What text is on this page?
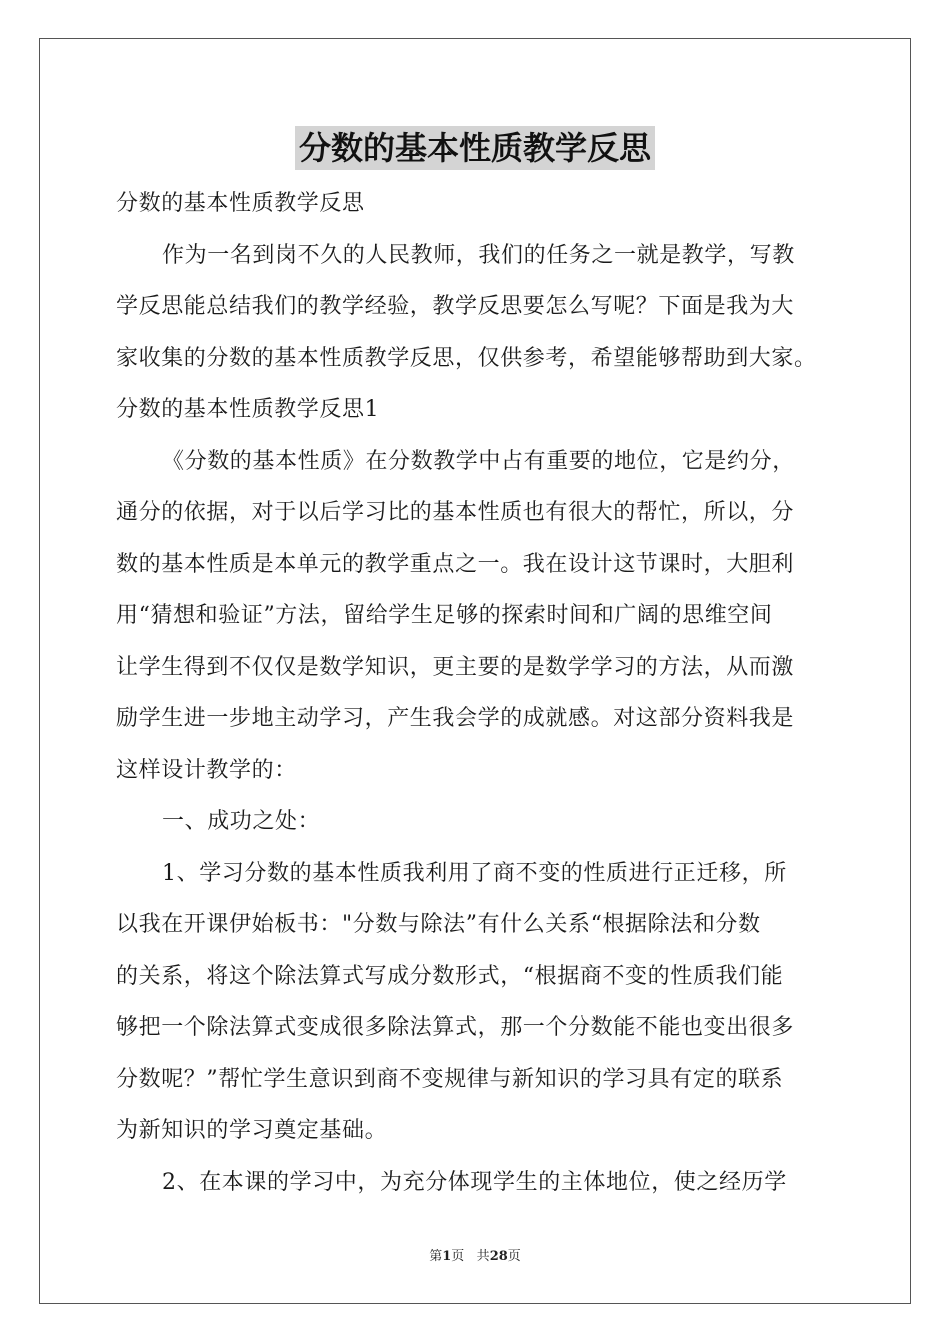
分数的基本性质教学反思
分数的基本性质教学反思
作为一名到岗不久的人民教师，我们的任务之一就是教学，写教
学反思能总结我们的教学经验，教学反思要怎么写呢？下面是我为大
家收集的分数的基本性质教学反思，仅供参考，希望能够帮助到大家。
分数的基本性质教学反思1
《分数的基本性质》在分数教学中占有重要的地位，它是约分，
通分的依据，对于以后学习比的基本性质也有很大的帮忙，所以，分
数的基本性质是本单元的教学重点之一。我在设计这节课时，大胆利
用“猜想和验证”方法，留给学生足够的探索时间和广阔的思维空间
让学生得到不仅仅是数学知识，更主要的是数学学习的方法，从而激
励学生进一步地主动学习，产生我会学的成就感。对这部分资料我是
这样设计教学的：
一、成功之处：
1、学习分数的基本性质我利用了商不变的性质进行正迁移，所
以我在开课伊始板书："分数与除法”有什么关系“根据除法和分数
的关系，将这个除法算式写成分数形式，“根据商不变的性质我们能
够把一个除法算式变成很多除法算式，那一个分数能不能也变出很多
分数呢？”帮忙学生意识到商不变规律与新知识的学习具有定的联系
为新知识的学习奠定基础。
2、在本课的学习中，为充分体现学生的主体地位，使之经历学
第1页 共28页
